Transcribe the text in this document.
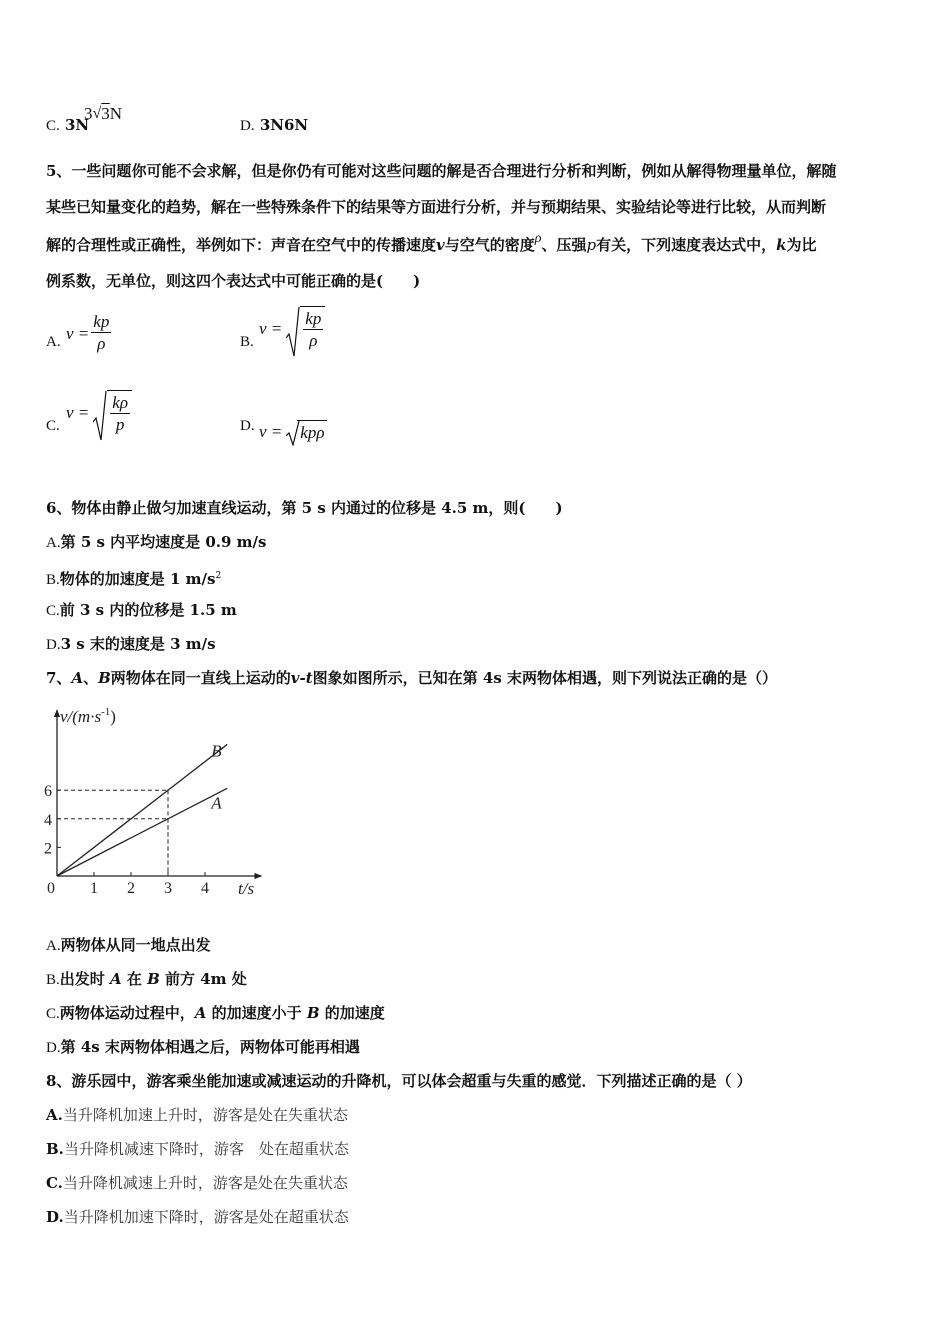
C. 3N
3 √ 3 N
D. 3N6N
5、一些问题你可能不会求解，但是你仍有可能对这些问题的解是否合理进行分析和判断，例如从解得物理量单位，解随
某些已知量变化的趋势，解在一些特殊条件下的结果等方面进行分析，并与预期结果、实验结论等进行比较，从而判断
解的合理性或正确性，举例如下：声音在空气中的传播速度v与空气的密度ρ、压强p有关，下列速度表达式中，k为比
例系数，无单位，则这四个表达式中可能正确的是(　　)
A. $v = \frac{kp}{\rho}$	B.
$v = \frac{kp}{\rho}$
C.
$v = \frac{k\rho}{p}$	D. v =	kpρ
6、物体由静止做匀加速直线运动，第 5 s 内通过的位移是 4.5 m，则(　　)
A.第 5 s 内平均速度是 0.9 m/s
B.物体的加速度是 1 $m/s^2$
C.前 3 s 内的位移是 1.5 m
D.3 s 末的速度是 3 m/s
7、A、B两物体在同一直线上运动的v-t图象如图所示，已知在第 4s 末两物体相遇，则下列说法正确的是（）
0 1 2 3 4
2
4
6
B
A
$v/(m\cdot s^{-1})$
t/s
A.两物体从同一地点出发
B.出发时 A 在 B 前方 4m 处
C.两物体运动过程中，A 的加速度小于 B 的加速度
D.第 4s 末两物体相遇之后，两物体可能再相遇
8、游乐园中，游客乘坐能加速或减速运动的升降机，可以体会超重与失重的感觉．下列描述正确的是（ ）
A.当升降机加速上升时，游客是处在失重状态
B.当升降机减速下降时，游客　处在超重状态
C.当升降机减速上升时，游客是处在失重状态
D.当升降机加速下降时，游客是处在超重状态
